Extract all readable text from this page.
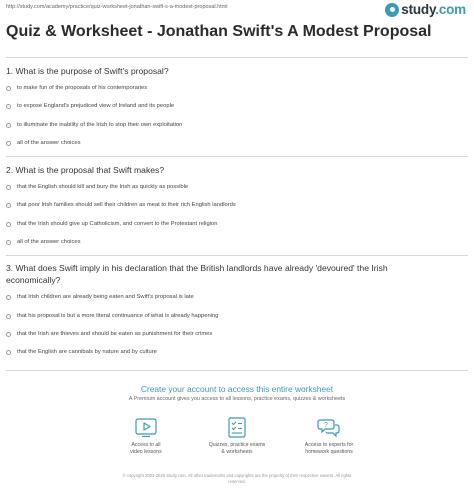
http://study.com/academy/practice/quiz-worksheet-jonathan-swift-s-a-modest-proposal.html	study.com
Quiz & Worksheet - Jonathan Swift's A Modest Proposal
1. What is the purpose of Swift's proposal?
to make fun of the proposals of his contemporaries
to expose England's prejudiced view of Ireland and its people
to illuminate the inability of the Irish to stop their own exploitation
all of the answer choices
2. What is the proposal that Swift makes?
that the English should kill and bury the Irish as quickly as possible
that poor Irish families should sell their children as meat to their rich English landlords
that the Irish should give up Catholicism, and convert to the Protestant religion
all of the answer choices
3. What does Swift imply in his declaration that the British landlords have already 'devoured' the Irish
economically?
that Irish children are already being eaten and Swift's proposal is late
that his proposal is but a more literal continuance of what is already happening
that the Irish are thieves and should be eaten as punishment for their crimes
that the English are cannibals by nature and by culture
Create your account to access this entire worksheet
A Premium account gives you access to all lessons, practice exams, quizzes & worksheets
Access to all
video lessons
Quizzes, practice exams
& worksheets
?
Access to experts for
homework questions
© copyright 2003-2020 Study.com. All other trademarks and copyrights are the property of their respective owners. All rights
reserved.
